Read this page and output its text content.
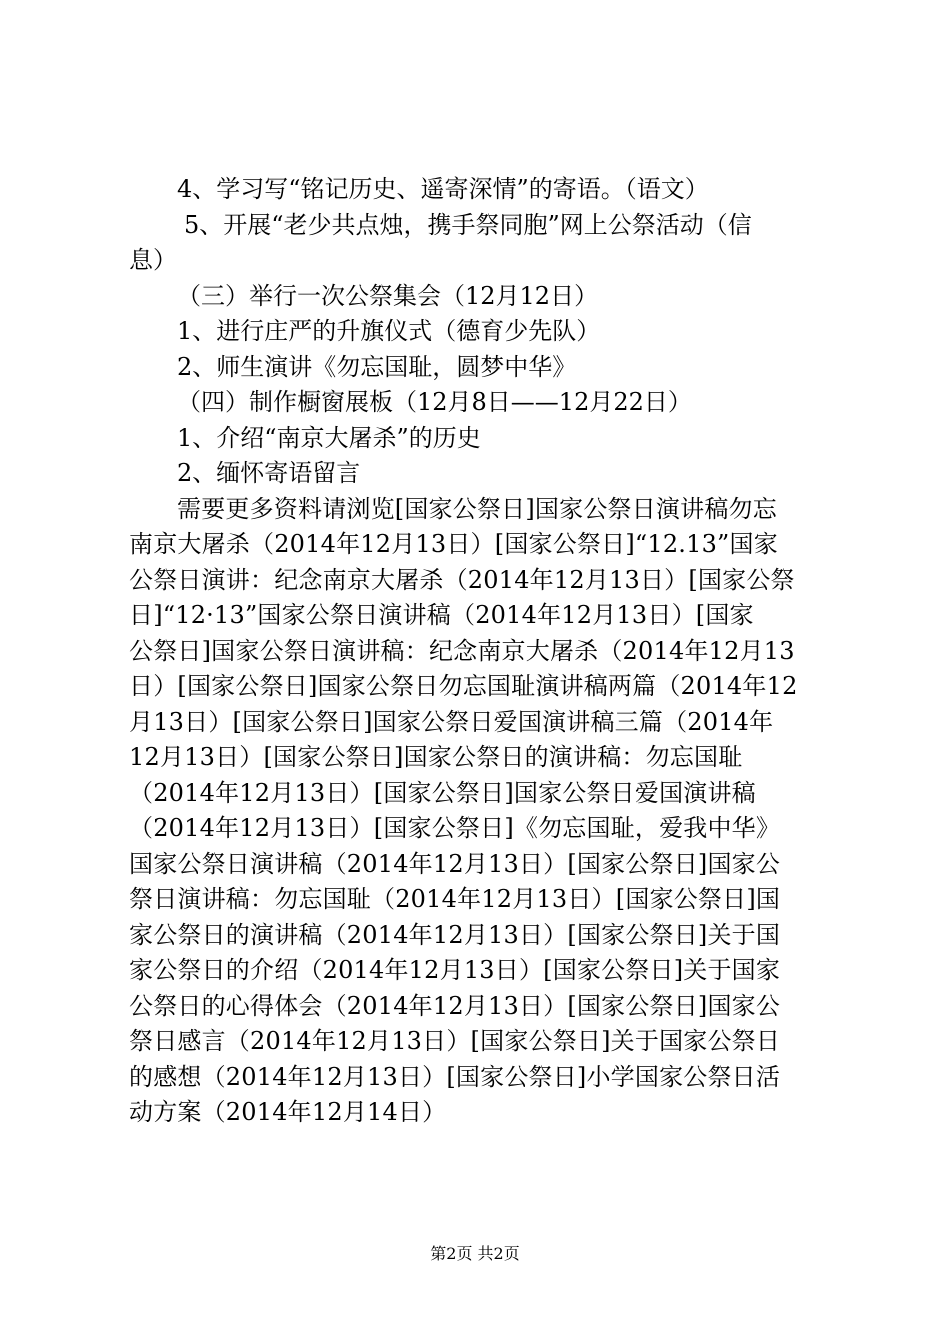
4、学习写“铭记历史、遥寄深情”的寄语。（语文）
5、开展“老少共点烛，携手祭同胞”网上公祭活动（信
息）
（三）举行一次公祭集会（12月12日）
1、进行庄严的升旗仪式（德育少先队）
2、师生演讲《勿忘国耻，圆梦中华》
（四）制作橱窗展板（12月8日——12月22日）
1、介绍“南京大屠杀”的历史
2、缅怀寄语留言
需要更多资料请浏览[国家公祭日]国家公祭日演讲稿勿忘
南京大屠杀（2014年12月13日）[国家公祭日]“12.13”国家
公祭日演讲：纪念南京大屠杀（2014年12月13日）[国家公祭
日]“12·13”国家公祭日演讲稿（2014年12月13日）[国家
公祭日]国家公祭日演讲稿：纪念南京大屠杀（2014年12月13
日）[国家公祭日]国家公祭日勿忘国耻演讲稿两篇（2014年12
月13日）[国家公祭日]国家公祭日爱国演讲稿三篇（2014年
12月13日）[国家公祭日]国家公祭日的演讲稿：勿忘国耻
（2014年12月13日）[国家公祭日]国家公祭日爱国演讲稿
（2014年12月13日）[国家公祭日]《勿忘国耻，爱我中华》
国家公祭日演讲稿（2014年12月13日）[国家公祭日]国家公
祭日演讲稿：勿忘国耻（2014年12月13日）[国家公祭日]国
家公祭日的演讲稿（2014年12月13日）[国家公祭日]关于国
家公祭日的介绍（2014年12月13日）[国家公祭日]关于国家
公祭日的心得体会（2014年12月13日）[国家公祭日]国家公
祭日感言（2014年12月13日）[国家公祭日]关于国家公祭日
的感想（2014年12月13日）[国家公祭日]小学国家公祭日活
动方案（2014年12月14日）
第2页 共2页
